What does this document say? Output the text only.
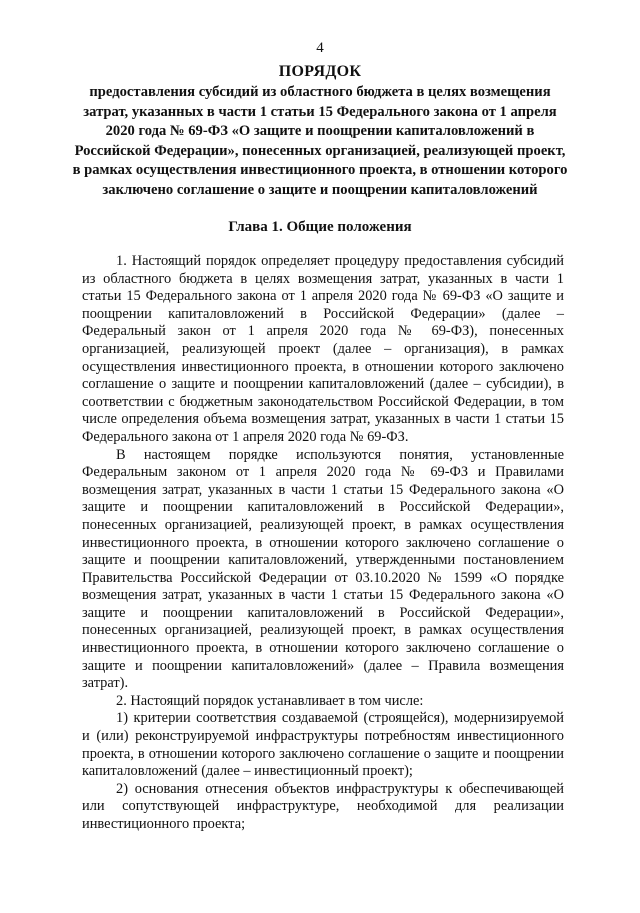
4
ПОРЯДОК
предоставления субсидий из областного бюджета в целях возмещения затрат, указанных в части 1 статьи 15 Федерального закона от 1 апреля 2020 года № 69-ФЗ «О защите и поощрении капиталовложений в Российской Федерации», понесенных организацией, реализующей проект, в рамках осуществления инвестиционного проекта, в отношении которого заключено соглашение о защите и поощрении капиталовложений
Глава 1. Общие положения

1. Настоящий порядок определяет процедуру предоставления субсидий из областного бюджета в целях возмещения затрат, указанных в части 1 статьи 15 Федерального закона от 1 апреля 2020 года № 69-ФЗ «О защите и поощрении капиталовложений в Российской Федерации» (далее – Федеральный закон от 1 апреля 2020 года № 69-ФЗ), понесенных организацией, реализующей проект (далее – организация), в рамках осуществления инвестиционного проекта, в отношении которого заключено соглашение о защите и поощрении капиталовложений (далее – субсидии), в соответствии с бюджетным законодательством Российской Федерации, в том числе определения объема возмещения затрат, указанных в части 1 статьи 15 Федерального закона от 1 апреля 2020 года № 69-ФЗ.

В настоящем порядке используются понятия, установленные Федеральным законом от 1 апреля 2020 года № 69-ФЗ и Правилами возмещения затрат, указанных в части 1 статьи 15 Федерального закона «О защите и поощрении капиталовложений в Российской Федерации», понесенных организацией, реализующей проект, в рамках осуществления инвестиционного проекта, в отношении которого заключено соглашение о защите и поощрении капиталовложений, утвержденными постановлением Правительства Российской Федерации от 03.10.2020 № 1599 «О порядке возмещения затрат, указанных в части 1 статьи 15 Федерального закона «О защите и поощрении капиталовложений в Российской Федерации», понесенных организацией, реализующей проект, в рамках осуществления инвестиционного проекта, в отношении которого заключено соглашение о защите и поощрении капиталовложений» (далее – Правила возмещения затрат).

2. Настоящий порядок устанавливает в том числе:

1) критерии соответствия создаваемой (строящейся), модернизируемой и (или) реконструируемой инфраструктуры потребностям инвестиционного проекта, в отношении которого заключено соглашение о защите и поощрении капиталовложений (далее – инвестиционный проект);

2) основания отнесения объектов инфраструктуры к обеспечивающей или сопутствующей инфраструктуре, необходимой для реализации инвестиционного проекта;
